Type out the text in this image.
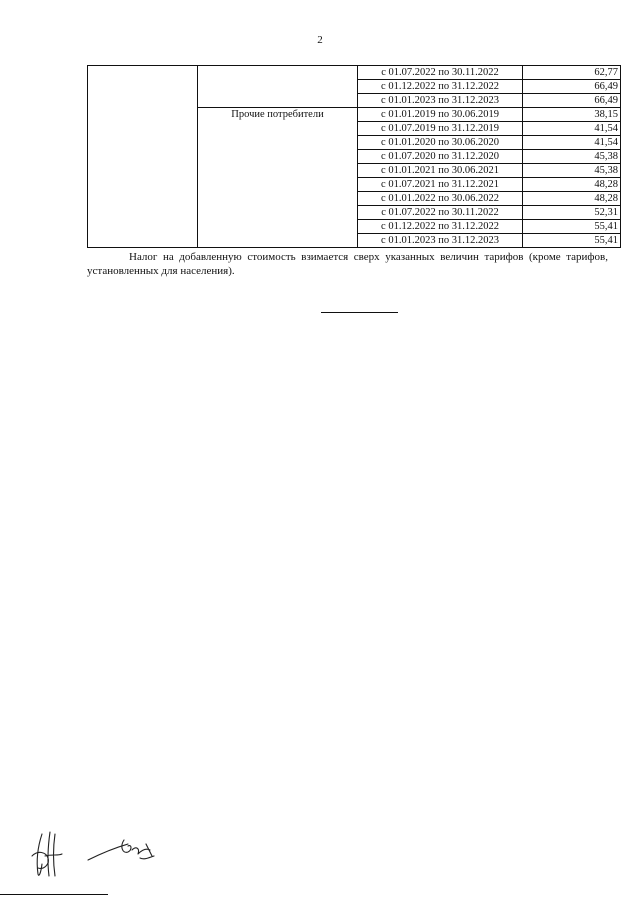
2
		с 01.07.2022 по 30.11.2022	62,77
		с 01.12.2022 по 31.12.2022	66,49
		с 01.01.2023 по 31.12.2023	66,49
	Прочие потребители	с 01.01.2019 по 30.06.2019	38,15
		с 01.07.2019 по 31.12.2019	41,54
		с 01.01.2020 по 30.06.2020	41,54
		с 01.07.2020 по 31.12.2020	45,38
		с 01.01.2021 по 30.06.2021	45,38
		с 01.07.2021 по 31.12.2021	48,28
		с 01.01.2022 по 30.06.2022	48,28
		с 01.07.2022 по 30.11.2022	52,31
		с 01.12.2022 по 31.12.2022	55,41
		с 01.01.2023 по 31.12.2023	55,41

Налог на добавленную стоимость взимается сверх указанных величин тарифов (кроме тарифов, установленных для населения).
